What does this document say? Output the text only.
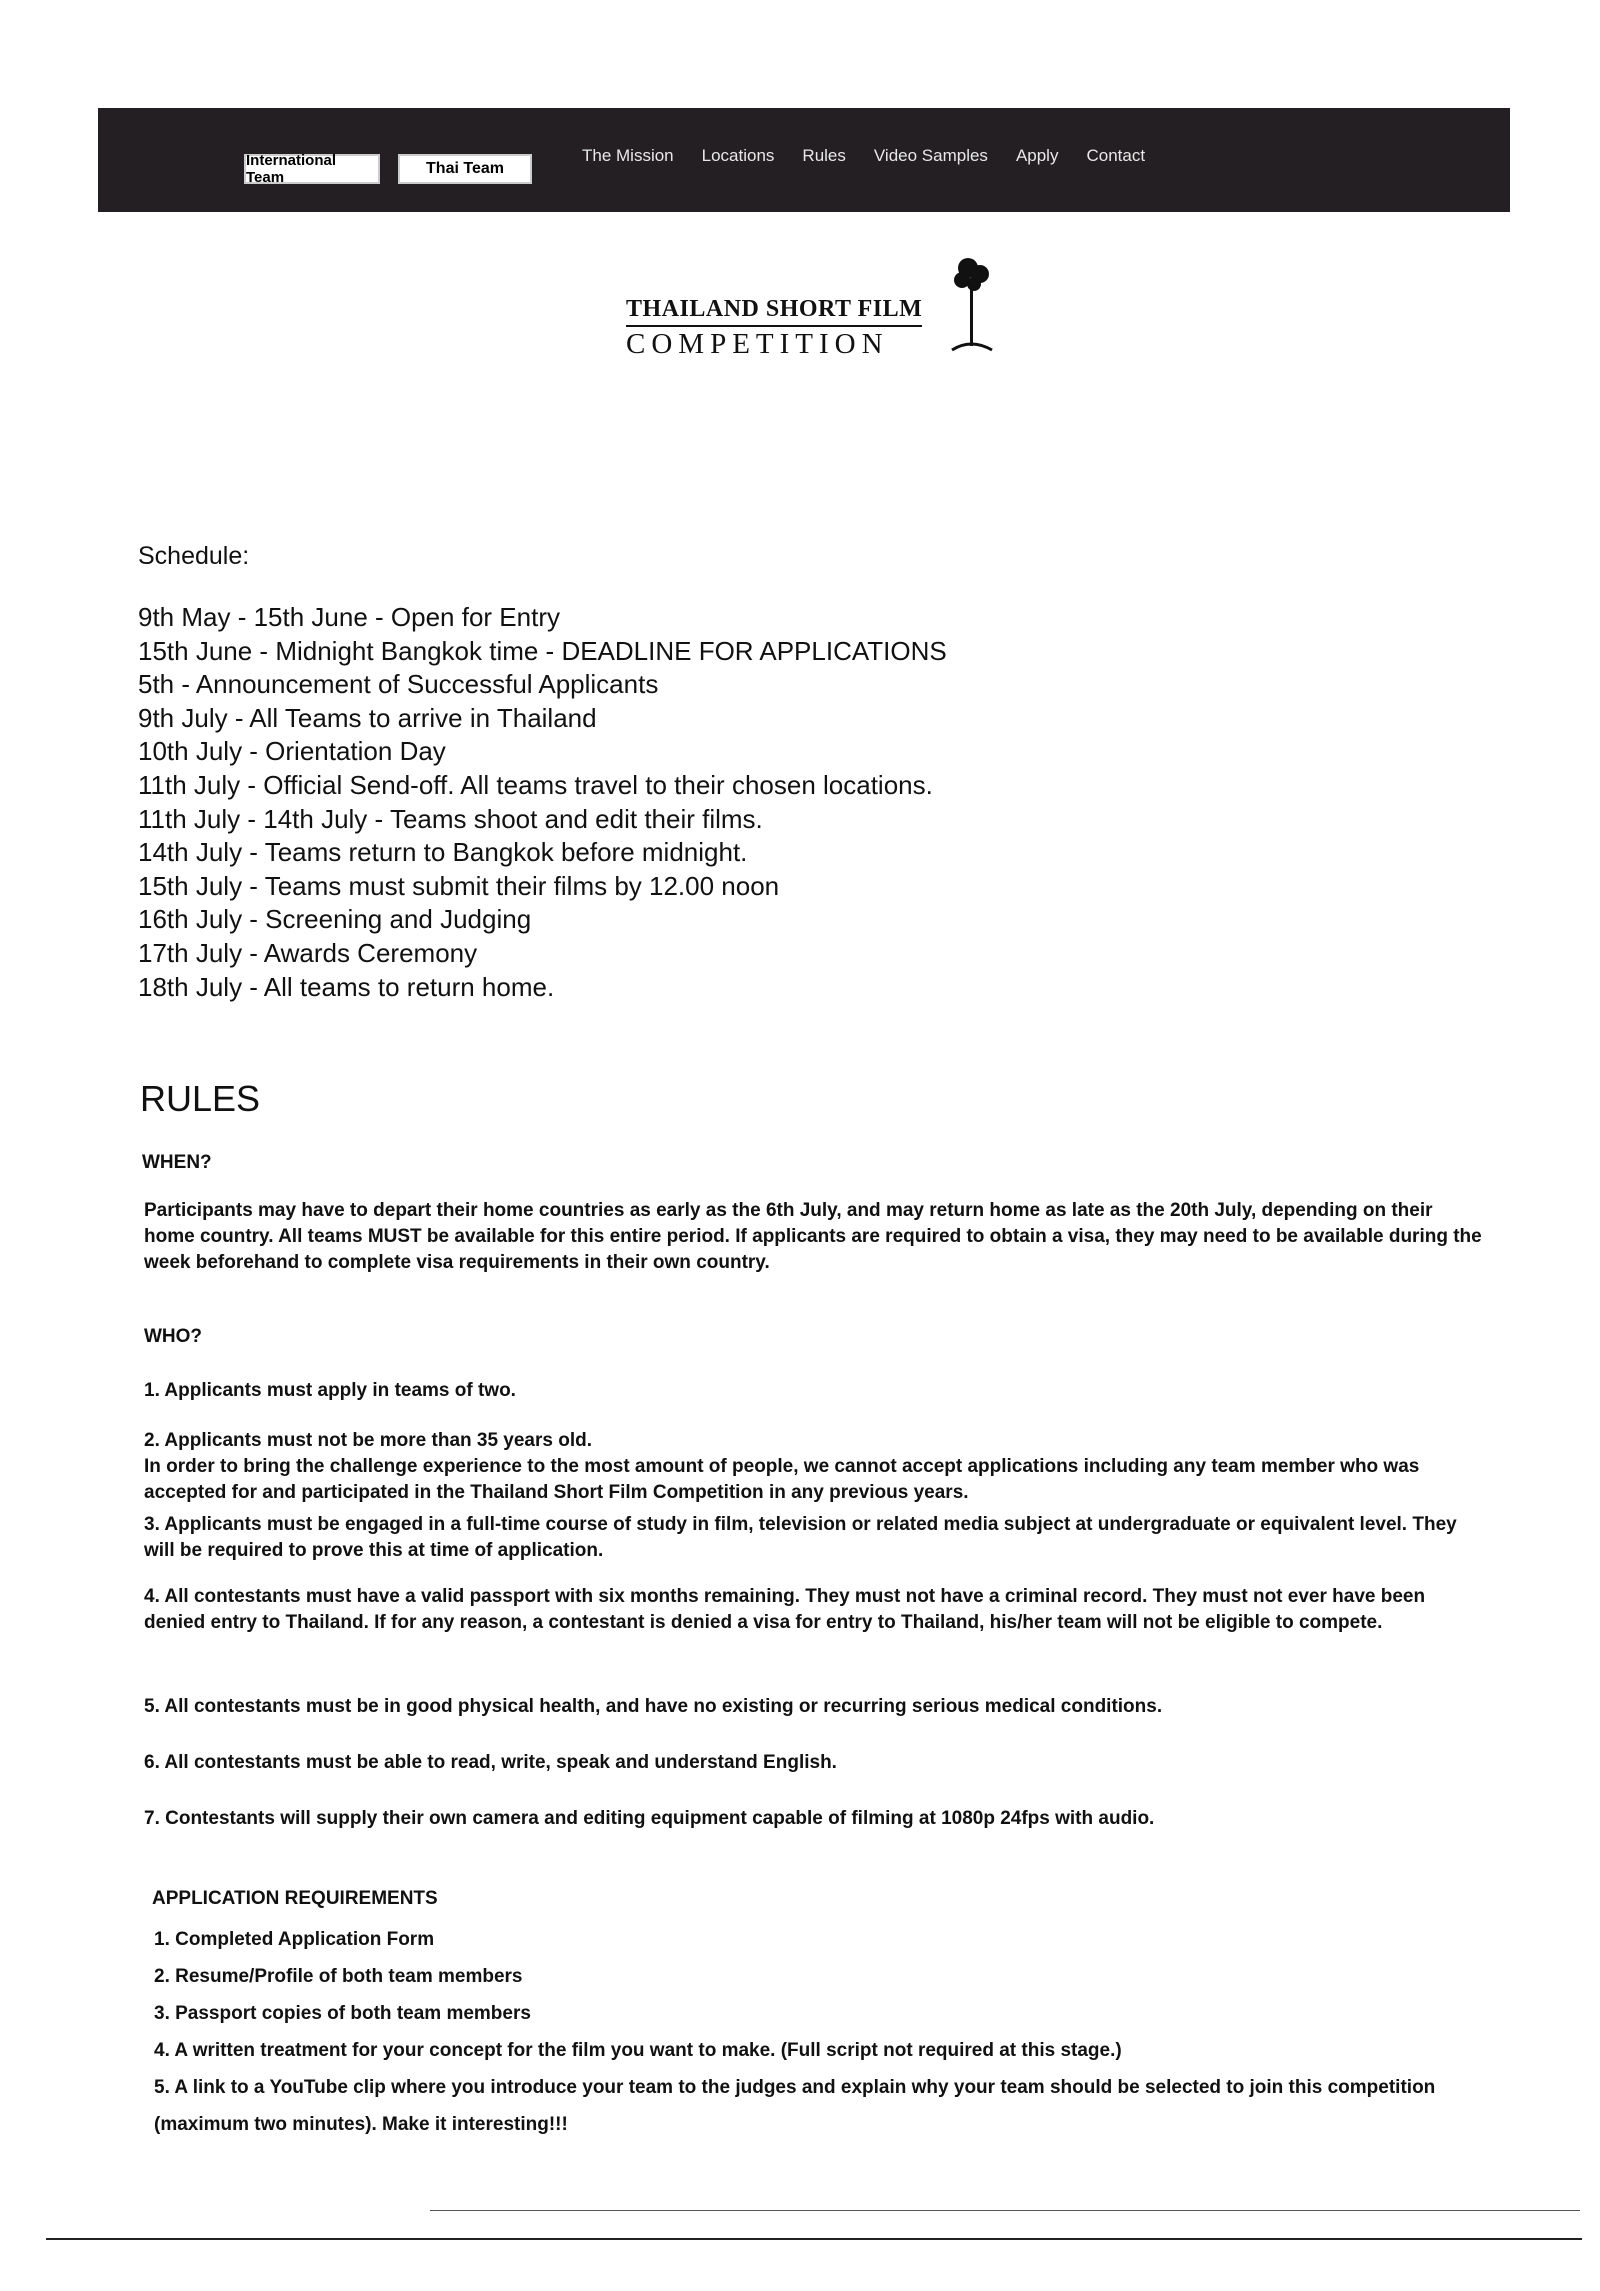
International Team
Thai Team
The Mission Locations Rules Video Samples Apply Contact
THAILAND SHORT FILM
COMPETITION
Schedule:
9th May - 15th June - Open for Entry
15th June - Midnight Bangkok time - DEADLINE FOR APPLICATIONS
5th - Announcement of Successful Applicants
9th July - All Teams to arrive in Thailand
10th July - Orientation Day
11th July - Official Send-off. All teams travel to their chosen locations.
11th July - 14th July - Teams shoot and edit their films.
14th July - Teams return to Bangkok before midnight.
15th July - Teams must submit their films by 12.00 noon
16th July - Screening and Judging
17th July - Awards Ceremony
18th July - All teams to return home.
RULES
WHEN?

Participants may have to depart their home countries as early as the 6th July, and may return home as late as the 20th July, depending on their home country. All teams MUST be available for this entire period. If applicants are required to obtain a visa, they may need to be available during the week beforehand to complete visa requirements in their own country.

WHO?

1. Applicants must apply in teams of two.

2. Applicants must not be more than 35 years old.

In order to bring the challenge experience to the most amount of people, we cannot accept applications including any team member who was accepted for and participated in the Thailand Short Film Competition in any previous years.

3. Applicants must be engaged in a full-time course of study in film, television or related media subject at undergraduate or equivalent level. They will be required to prove this at time of application.

4. All contestants must have a valid passport with six months remaining. They must not have a criminal record. They must not ever have been denied entry to Thailand. If for any reason, a contestant is denied a visa for entry to Thailand, his/her team will not be eligible to compete.

5. All contestants must be in good physical health, and have no existing or recurring serious medical conditions.

6. All contestants must be able to read, write, speak and understand English.

7. Contestants will supply their own camera and editing equipment capable of filming at 1080p 24fps with audio.

APPLICATION REQUIREMENTS
1. Completed Application Form
2. Resume/Profile of both team members
3. Passport copies of both team members
4. A written treatment for your concept for the film you want to make. (Full script not required at this stage.)
5. A link to a YouTube clip where you introduce your team to the judges and explain why your team should be selected to join this competition (maximum two minutes). Make it interesting!!!
